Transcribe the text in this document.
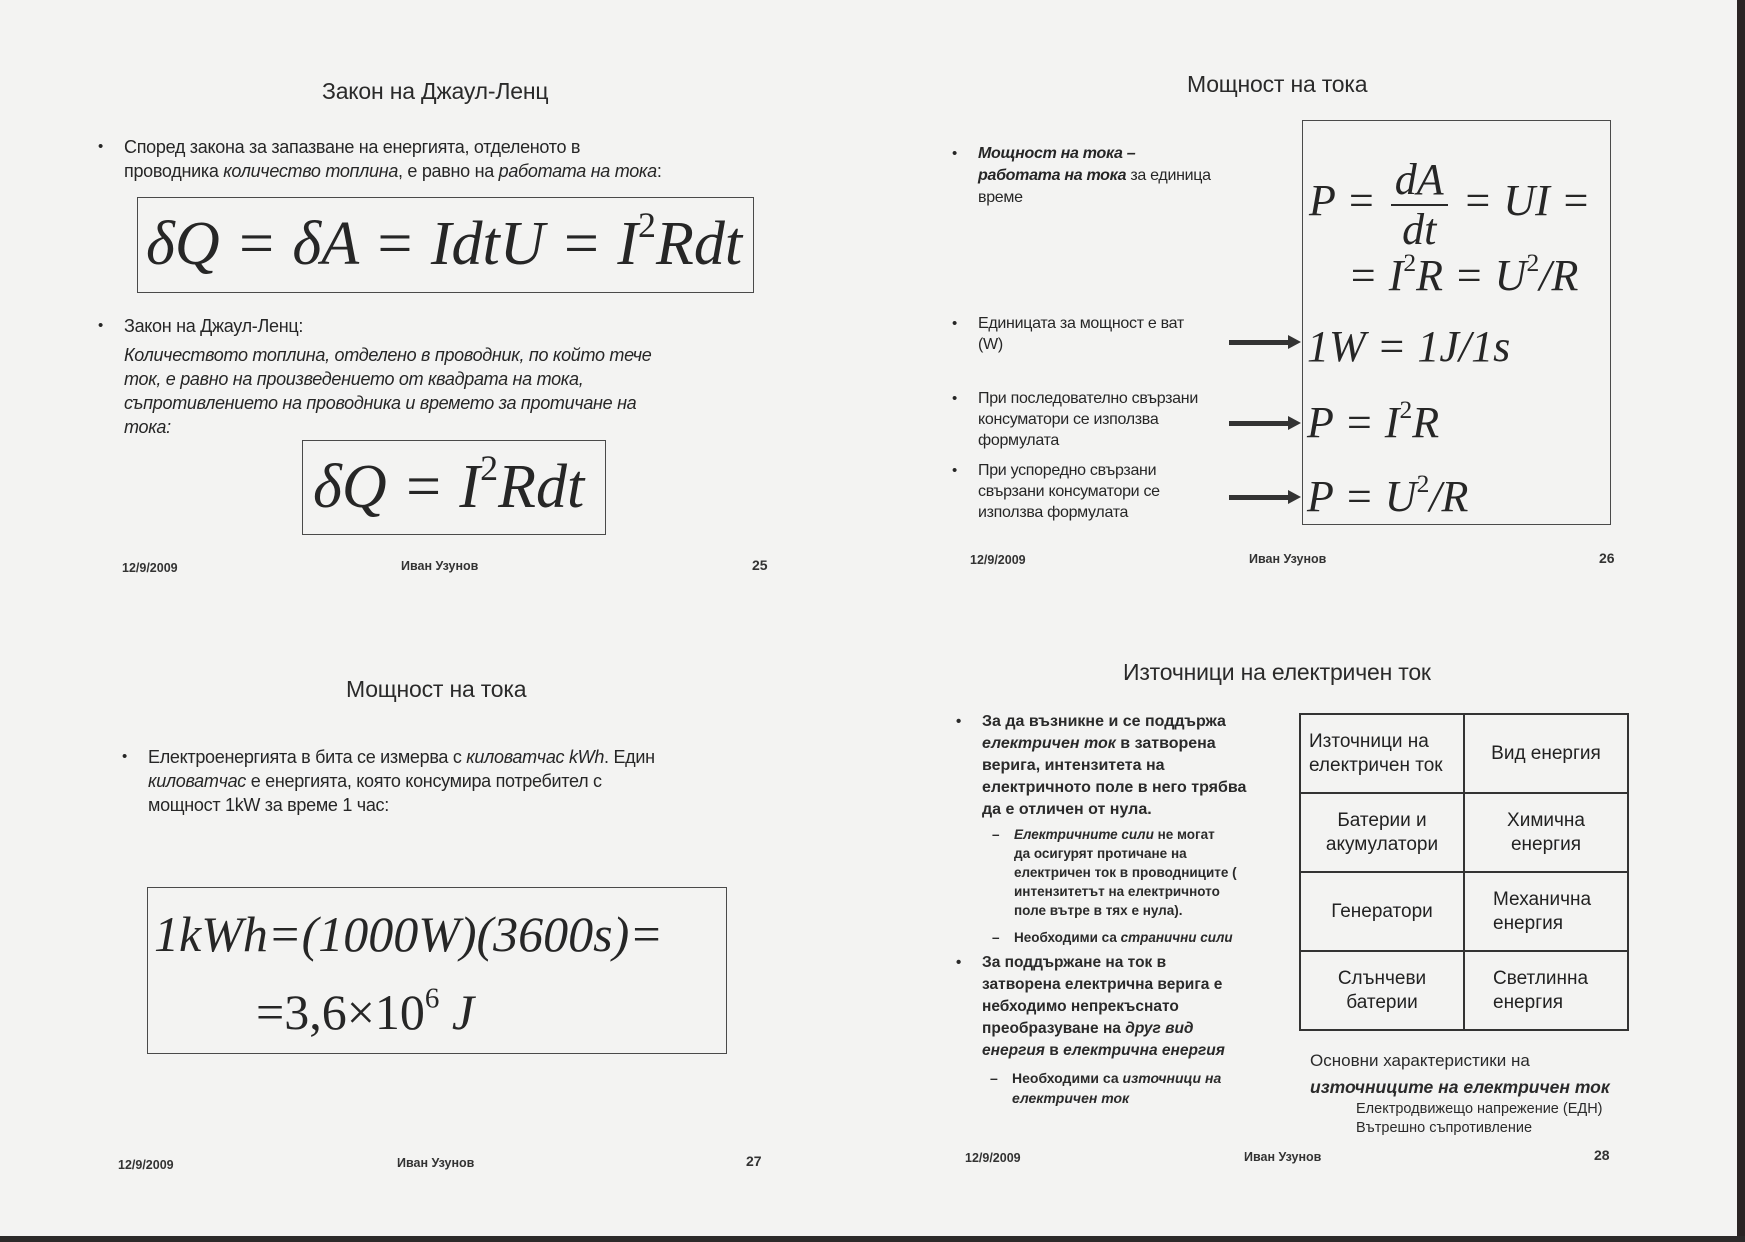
Закон на Джаул-Ленц
• Според закона за запазване на енергията, отделеното в
проводника количество топлина, е равно на работата на тока:
δQ = δA = IdtU = $I^2Rdt$
• Закон на Джаул-Ленц:
Количеството топлина, отделено в проводник, по който тече
ток, е равно на произведението от квадрата на тока,
съпротивлението на проводника и времето за протичане на
тока:
$\delta Q = I^2Rdt$
12/9/2009	Иван Узунов	25
Мощност на тока
• Мощност на тока –
работата на тока за единица
време
• Единицата за мощност е ват
(W)
• При последователно свързани
консуматори се използва
формулата
• При успоредно свързани
свързани консуматори се
използва формулата
$P = \frac{dA}{dt}$ = UI =
= $I^2R = U^2/R$
1W = 1J/1s
$P = I^2R$
$P = U^2/R$
12/9/2009	Иван Узунов	26
Мощност на тока
• Електроенергията в бита се измерва с киловатчас kWh. Един
киловатчас е енергията, която консумира потребител с
мощност 1kW за време 1 час:
1kWh=(1000W)(3600s)=
$=3,6\times 10^6$ J
12/9/2009	Иван Узунов	27
Източници на електричен ток
• За да възникне и се поддържа
електричен ток в затворена
верига, интензитета на
електричното поле в него трябва
да е отличен от нула.
– Електричните сили не могат
да осигурят протичане на
електричен ток в проводниците (
интензитетът на електричното
поле вътре в тях е нула).
– Необходими са странични сили
• За поддържане на ток в
затворена електрична верига е
небходимо непрекъснато
преобразуване на друг вид
енергия в електрична енергия
– Необходими са източници на
електричен ток
Източници на
електричен ток	Вид енергия
Батерии и
акумулатори	Химична
енергия
Генератори	Механична
енергия
Слънчеви
батерии	Светлинна
енергия
Основни характеристики на
източниците на електричен ток
Електродвижещо напрежение (ЕДН)
Вътрешно съпротивление
12/9/2009	Иван Узунов	28
